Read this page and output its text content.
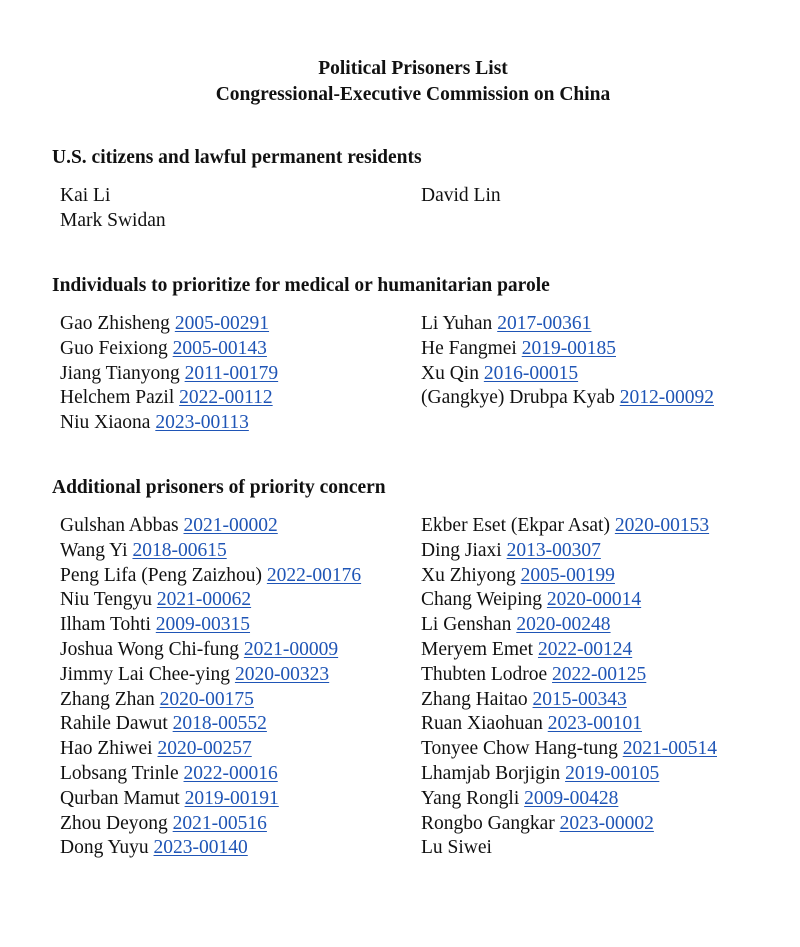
Political Prisoners List
Congressional-Executive Commission on China
U.S. citizens and lawful permanent residents
Kai Li
Mark Swidan
David Lin
Individuals to prioritize for medical or humanitarian parole
Gao Zhisheng 2005-00291
Guo Feixiong 2005-00143
Jiang Tianyong 2011-00179
Helchem Pazil 2022-00112
Niu Xiaona 2023-00113
Li Yuhan 2017-00361
He Fangmei 2019-00185
Xu Qin 2016-00015
(Gangkye) Drubpa Kyab 2012-00092
Additional prisoners of priority concern
Gulshan Abbas 2021-00002
Wang Yi 2018-00615
Peng Lifa (Peng Zaizhou) 2022-00176
Niu Tengyu 2021-00062
Ilham Tohti 2009-00315
Joshua Wong Chi-fung 2021-00009
Jimmy Lai Chee-ying 2020-00323
Zhang Zhan 2020-00175
Rahile Dawut 2018-00552
Hao Zhiwei 2020-00257
Lobsang Trinle 2022-00016
Qurban Mamut 2019-00191
Zhou Deyong 2021-00516
Dong Yuyu 2023-00140
Ekber Eset (Ekpar Asat) 2020-00153
Ding Jiaxi 2013-00307
Xu Zhiyong 2005-00199
Chang Weiping 2020-00014
Li Genshan 2020-00248
Meryem Emet 2022-00124
Thubten Lodroe 2022-00125
Zhang Haitao 2015-00343
Ruan Xiaohuan 2023-00101
Tonyee Chow Hang-tung 2021-00514
Lhamjab Borjigin 2019-00105
Yang Rongli 2009-00428
Rongbo Gangkar 2023-00002
Lu Siwei
